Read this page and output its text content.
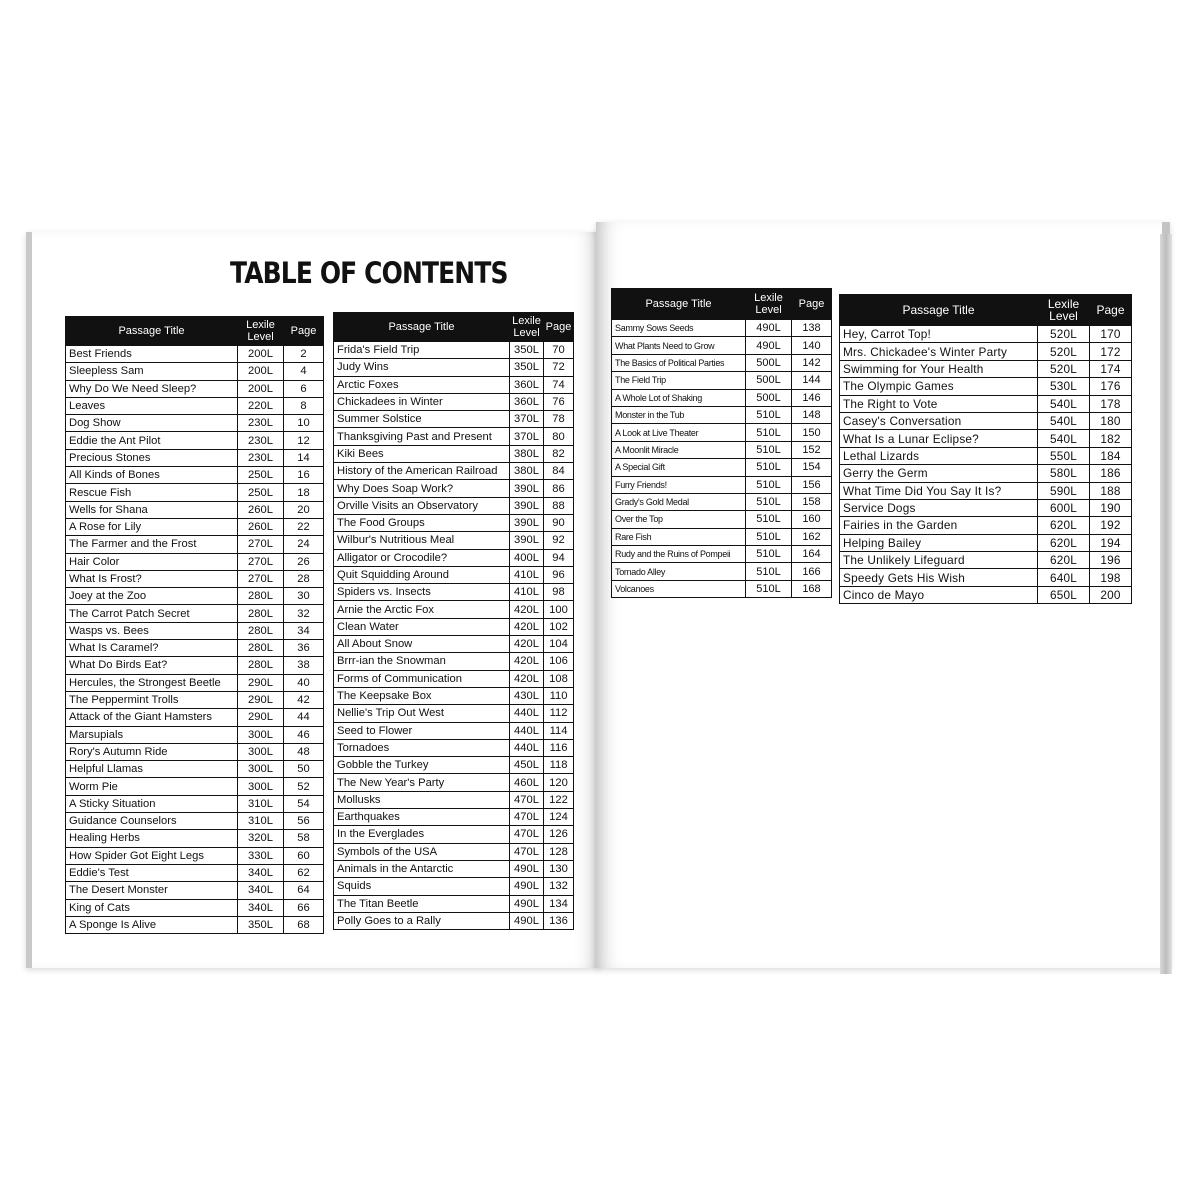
TABLE OF CONTENTS
Passage Title	Lexile Level	Page
Best Friends	200L	2
Sleepless Sam	200L	4
Why Do We Need Sleep?	200L	6
Leaves	220L	8
Dog Show	230L	10
Eddie the Ant Pilot	230L	12
Precious Stones	230L	14
All Kinds of Bones	250L	16
Rescue Fish	250L	18
Wells for Shana	260L	20
A Rose for Lily	260L	22
The Farmer and the Frost	270L	24
Hair Color	270L	26
What Is Frost?	270L	28
Joey at the Zoo	280L	30
The Carrot Patch Secret	280L	32
Wasps vs. Bees	280L	34
What Is Caramel?	280L	36
What Do Birds Eat?	280L	38
Hercules, the Strongest Beetle	290L	40
The Peppermint Trolls	290L	42
Attack of the Giant Hamsters	290L	44
Marsupials	300L	46
Rory's Autumn Ride	300L	48
Helpful Llamas	300L	50
Worm Pie	300L	52
A Sticky Situation	310L	54
Guidance Counselors	310L	56
Healing Herbs	320L	58
How Spider Got Eight Legs	330L	60
Eddie's Test	340L	62
The Desert Monster	340L	64
King of Cats	340L	66
A Sponge Is Alive	350L	68
Passage Title	Lexile Level	Page
Frida's Field Trip	350L	70
Judy Wins	350L	72
Arctic Foxes	360L	74
Chickadees in Winter	360L	76
Summer Solstice	370L	78
Thanksgiving Past and Present	370L	80
Kiki Bees	380L	82
History of the American Railroad	380L	84
Why Does Soap Work?	390L	86
Orville Visits an Observatory	390L	88
The Food Groups	390L	90
Wilbur's Nutritious Meal	390L	92
Alligator or Crocodile?	400L	94
Quit Squidding Around	410L	96
Spiders vs. Insects	410L	98
Arnie the Arctic Fox	420L	100
Clean Water	420L	102
All About Snow	420L	104
Brrr-ian the Snowman	420L	106
Forms of Communication	420L	108
The Keepsake Box	430L	110
Nellie's Trip Out West	440L	112
Seed to Flower	440L	114
Tornadoes	440L	116
Gobble the Turkey	450L	118
The New Year's Party	460L	120
Mollusks	470L	122
Earthquakes	470L	124
In the Everglades	470L	126
Symbols of the USA	470L	128
Animals in the Antarctic	490L	130
Squids	490L	132
The Titan Beetle	490L	134
Polly Goes to a Rally	490L	136
Passage Title	Lexile Level	Page
Sammy Sows Seeds	490L	138
What Plants Need to Grow	490L	140
The Basics of Political Parties	500L	142
The Field Trip	500L	144
A Whole Lot of Shaking	500L	146
Monster in the Tub	510L	148
A Look at Live Theater	510L	150
A Moonlit Miracle	510L	152
A Special Gift	510L	154
Furry Friends!	510L	156
Grady's Gold Medal	510L	158
Over the Top	510L	160
Rare Fish	510L	162
Rudy and the Ruins of Pompeii	510L	164
Tornado Alley	510L	166
Volcanoes	510L	168
Passage Title	Lexile Level	Page
Hey, Carrot Top!	520L	170
Mrs. Chickadee's Winter Party	520L	172
Swimming for Your Health	520L	174
The Olympic Games	530L	176
The Right to Vote	540L	178
Casey's Conversation	540L	180
What Is a Lunar Eclipse?	540L	182
Lethal Lizards	550L	184
Gerry the Germ	580L	186
What Time Did You Say It Is?	590L	188
Service Dogs	600L	190
Fairies in the Garden	620L	192
Helping Bailey	620L	194
The Unlikely Lifeguard	620L	196
Speedy Gets His Wish	640L	198
Cinco de Mayo	650L	200
